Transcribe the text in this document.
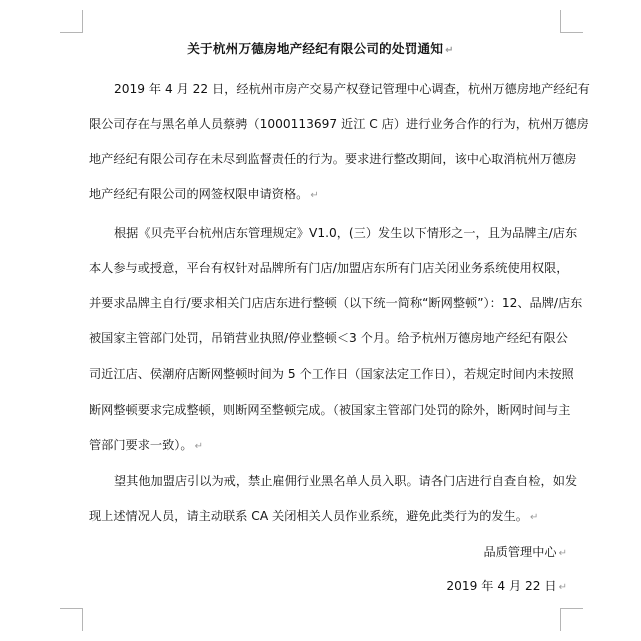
关于杭州万德房地产经纪有限公司的处罚通知 ↵
2019 年 4 月 22 日，经杭州市房产交易产权登记管理中心调查，杭州万德房地产经纪有
限公司存在与黑名单人员蔡骋（1000113697 近江 C 店）进行业务合作的行为，杭州万德房
地产经纪有限公司存在未尽到监督责任的行为。要求进行整改期间，该中心取消杭州万德房
地产经纪有限公司的网签权限申请资格。 ↵
根据《贝壳平台杭州店东管理规定》V1.0，(三）发生以下情形之一，且为品牌主/店东
本人参与或授意，平台有权针对品牌所有门店/加盟店东所有门店关闭业务系统使用权限，
并要求品牌主自行/要求相关门店店东进行整顿（以下统一简称“断网整顿”）：12、品牌/店东
被国家主管部门处罚，吊销营业执照/停业整顿＜3 个月。给予杭州万德房地产经纪有限公
司近江店、侯潮府店断网整顿时间为 5 个工作日（国家法定工作日），若规定时间内未按照
断网整顿要求完成整顿，则断网至整顿完成。（被国家主管部门处罚的除外，断网时间与主
管部门要求一致）。 ↵
望其他加盟店引以为戒，禁止雇佣行业黑名单人员入职。请各门店进行自查自检，如发
现上述情况人员，请主动联系 CA 关闭相关人员作业系统，避免此类行为的发生。 ↵
品质管理中心 ↵
2019 年 4 月 22 日 ↵
